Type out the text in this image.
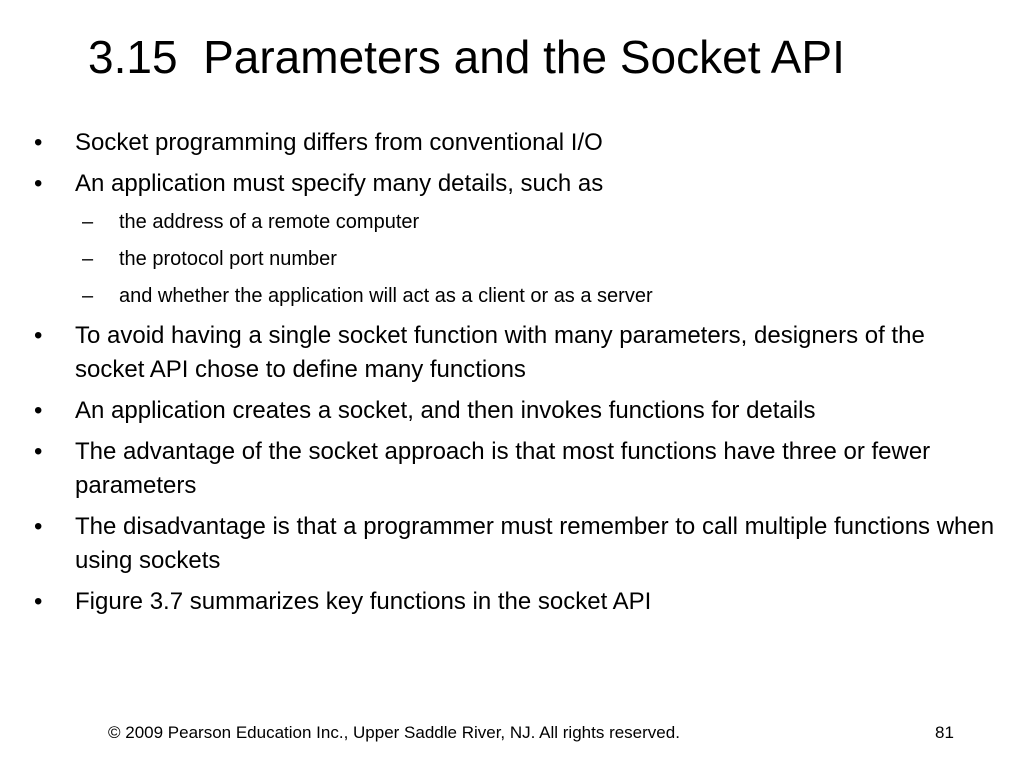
3.15  Parameters and the Socket API
• Socket programming differs from conventional I/O
• An application must specify many details, such as
– the address of a remote computer
– the protocol port number
– and whether the application will act as a client or as a server
• To avoid having a single socket function with many parameters, designers of the socket API chose to define many functions
• An application creates a socket, and then invokes functions for details
• The advantage of the socket approach is that most functions have three or fewer parameters
• The disadvantage is that a programmer must remember to call multiple functions when using sockets
• Figure 3.7 summarizes key functions in the socket API
© 2009 Pearson Education Inc., Upper Saddle River, NJ. All rights reserved.	81
